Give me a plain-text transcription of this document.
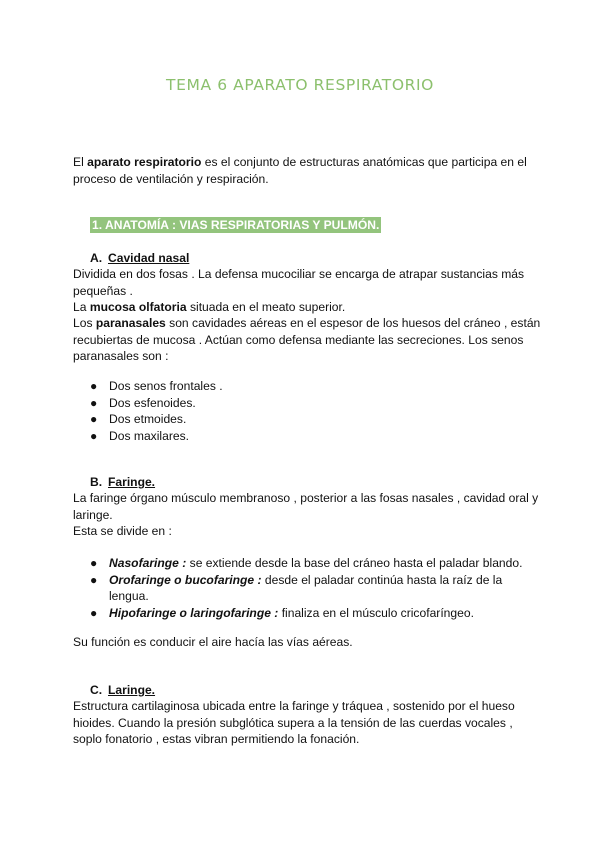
TEMA 6 APARATO RESPIRATORIO
El aparato respiratorio es el conjunto de estructuras anatómicas que participa en el proceso de ventilación y respiración.
1. ANATOMÍA : VIAS RESPIRATORIAS Y PULMÓN.
A. Cavidad nasal
Dividida en dos fosas . La defensa mucociliar se encarga de atrapar sustancias más pequeñas .
La mucosa olfatoria situada en el meato superior.
Los paranasales son cavidades aéreas en el espesor de los huesos del cráneo , están recubiertas de mucosa . Actúan como defensa mediante las secreciones. Los senos paranasales son :
● Dos senos frontales .
● Dos esfenoides.
● Dos etmoides.
● Dos maxilares.
B. Faringe.
La faringe órgano músculo membranoso , posterior a las fosas nasales , cavidad oral y laringe.
Esta se divide en :
● Nasofaringe : se extiende desde la base del cráneo hasta el paladar blando.
● Orofaringe o bucofaringe : desde el paladar continúa hasta la raíz de la lengua.
● Hipofaringe o laringofaringe : finaliza en el músculo cricofaríngeo.
Su función es conducir el aire hacía las vías aéreas.
C. Laringe.
Estructura cartilaginosa ubicada entre la faringe y tráquea , sostenido por el hueso hioides. Cuando la presión subglótica supera a la tensión de las cuerdas vocales , soplo fonatorio , estas vibran permitiendo la fonación.
